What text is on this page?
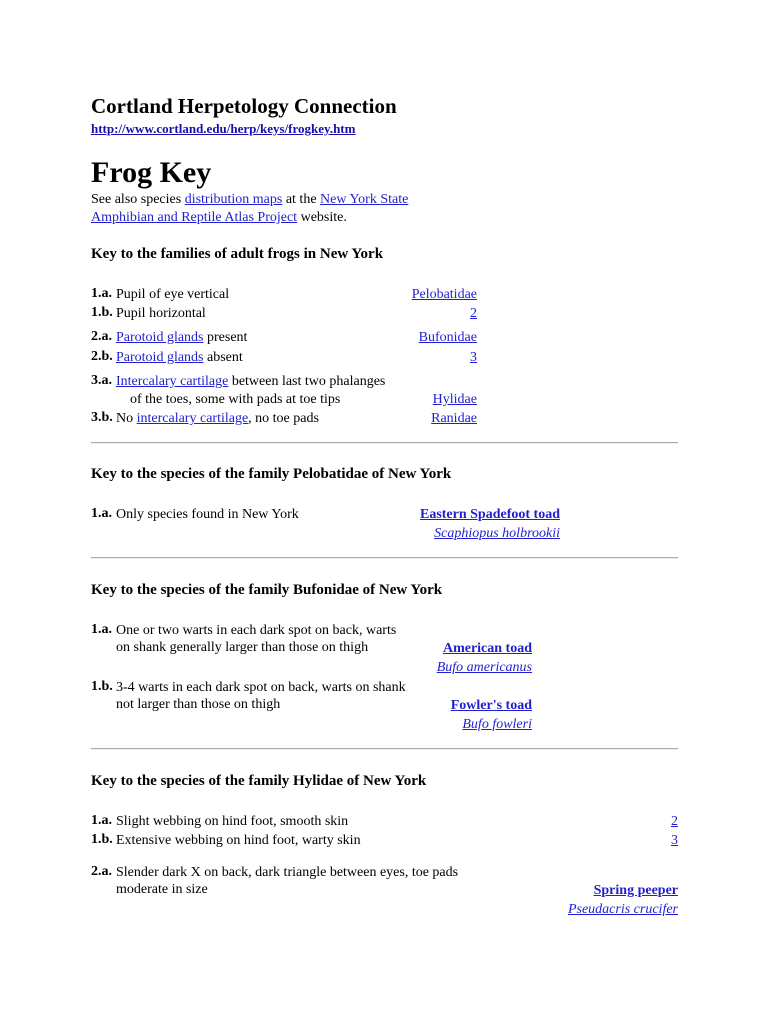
Cortland Herpetology Connection
http://www.cortland.edu/herp/keys/frogkey.htm
Frog Key
See also species distribution maps at the New York State
Amphibian and Reptile Atlas Project website.
Key to the families of adult frogs in New York
1.a. Pupil of eye vertical	Pelobatidae
1.b. Pupil horizontal	2
2.a. Parotoid glands present	Bufonidae
2.b. Parotoid glands absent	3
3.a. Intercalary cartilage between last two phalanges
of the toes, some with pads at toe tips	Hylidae
3.b. No intercalary cartilage, no toe pads	Ranidae
Key to the species of the family Pelobatidae of New York
1.a. Only species found in New York	Eastern Spadefoot toad
Scaphiopus holbrookii
Key to the species of the family Bufonidae of New York
1.a. One or two warts in each dark spot on back, warts
on shank generally larger than those on thigh	American toad
Bufo americanus
1.b. 3-4 warts in each dark spot on back, warts on shank
not larger than those on thigh	Fowler's toad
Bufo fowleri
Key to the species of the family Hylidae of New York
1.a. Slight webbing on hind foot, smooth skin	2
1.b. Extensive webbing on hind foot, warty skin	3
2.a. Slender dark X on back, dark triangle between eyes, toe pads
moderate in size	Spring peeper
Pseudacris crucifer
